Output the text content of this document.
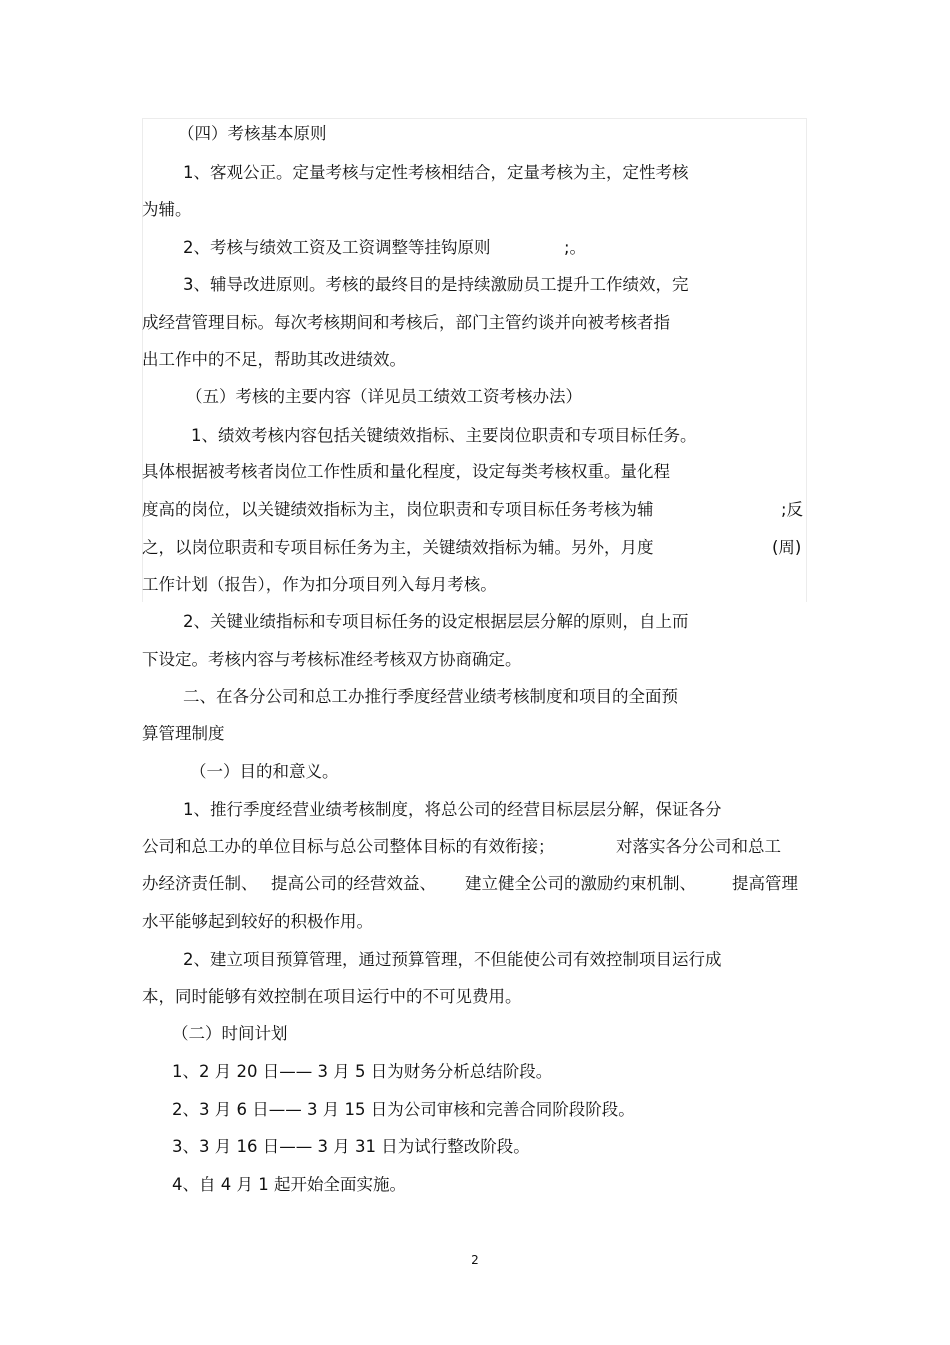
（四）考核基本原则
1、客观公正。定量考核与定性考核相结合，定量考核为主，定性考核
为辅。
2、考核与绩效工资及工资调整等挂钩原则	;。
3、辅导改进原则。考核的最终目的是持续激励员工提升工作绩效，完
成经营管理目标。每次考核期间和考核后，部门主管约谈并向被考核者指
出工作中的不足，帮助其改进绩效。
（五）考核的主要内容（详见员工绩效工资考核办法）
1、绩效考核内容包括关键绩效指标、主要岗位职责和专项目标任务。
具体根据被考核者岗位工作性质和量化程度，设定每类考核权重。量化程
度高的岗位，以关键绩效指标为主，岗位职责和专项目标任务考核为辅	;反
之，以岗位职责和专项目标任务为主，关键绩效指标为辅。另外，月度	(周)
工作计划（报告），作为扣分项目列入每月考核。
2、关键业绩指标和专项目标任务的设定根据层层分解的原则，自上而
下设定。考核内容与考核标准经考核双方协商确定。
二、在各分公司和总工办推行季度经营业绩考核制度和项目的全面预
算管理制度
（一）目的和意义。
1、推行季度经营业绩考核制度，将总公司的经营目标层层分解，保证各分
公司和总工办的单位目标与总公司整体目标的有效衔接；	对落实各分公司和总工
办经济责任制、 提高公司的经营效益、 建立健全公司的激励约束机制、 提高管理
水平能够起到较好的积极作用。
2、建立项目预算管理，通过预算管理，不但能使公司有效控制项目运行成
本，同时能够有效控制在项目运行中的不可见费用。
（二）时间计划
1、2 月 20 日—— 3 月 5 日为财务分析总结阶段。
2、3 月 6 日—— 3 月 15 日为公司审核和完善合同阶段阶段。
3、3 月 16 日—— 3 月 31 日为试行整改阶段。
4、自 4 月 1 起开始全面实施。
2
